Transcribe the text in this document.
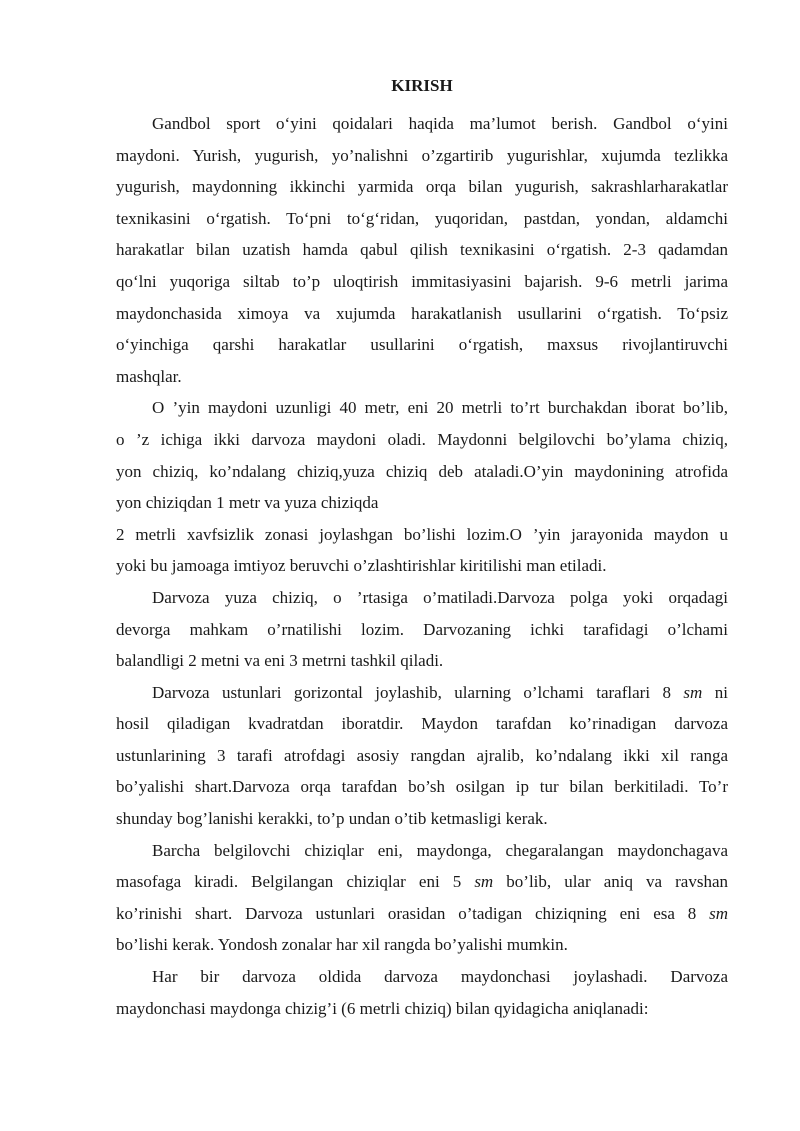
KIRISH
Gandbol sport o‘yini qoidalari haqida ma’lumot berish. Gandbol o‘yini
maydoni. Yurish, yugurish, yo’nalishni o’zgartirib yugurishlar, xujumda tezlikka
yugurish, maydonning ikkinchi yarmida orqa bilan yugurish, sakrashlarharakatlar
texnikasini o‘rgatish. To‘pni to‘g‘ridan, yuqoridan, pastdan, yondan, aldamchi
harakatlar bilan uzatish hamda qabul qilish texnikasini o‘rgatish. 2-3 qadamdan
qo‘lni yuqoriga siltab to’p uloqtirish immitasiyasini bajarish. 9-6 metrli jarima
maydonchasida ximoya va xujumda harakatlanish usullarini o‘rgatish. To‘psiz
o‘yinchiga qarshi harakatlar usullarini o‘rgatish, maxsus rivojlantiruvchi
mashqlar.
O ’yin maydoni uzunligi 40 metr, eni 20 metrli to’rt burchakdan iborat bo’lib,
o ’z ichiga ikki darvoza maydoni oladi. Maydonni belgilovchi bo’ylama chiziq,
yon chiziq, ko’ndalang chiziq,yuza chiziq deb ataladi.O’yin maydonining atrofida
yon chiziqdan 1 metr va yuza chiziqda
2 metrli xavfsizlik zonasi joylashgan bo’lishi lozim.O ’yin jarayonida maydon u
yoki bu jamoaga imtiyoz beruvchi o’zlashtirishlar kiritilishi man etiladi.
Darvoza yuza chiziq, o ’rtasiga o’matiladi.Darvoza polga yoki orqadagi
devorga mahkam o’rnatilishi lozim. Darvozaning ichki tarafidagi o’lchami
balandligi 2 metni va eni 3 metrni tashkil qiladi.
Darvoza ustunlari gorizontal joylashib, ularning o’lchami taraflari 8 sm ni
hosil qiladigan kvadratdan iboratdir. Maydon tarafdan ko’rinadigan darvoza
ustunlarining 3 tarafi atrofdagi asosiy rangdan ajralib, ko’ndalang ikki xil ranga
bo’yalishi shart.Darvoza orqa tarafdan bo’sh osilgan ip tur bilan berkitiladi. To’r
shunday bog’lanishi kerakki, to’p undan o’tib ketmasligi kerak.
Barcha belgilovchi chiziqlar eni, maydonga, chegaralangan maydonchagava
masofaga kiradi. Belgilangan chiziqlar eni 5 sm bo’lib, ular aniq va ravshan
ko’rinishi shart. Darvoza ustunlari orasidan o’tadigan chiziqning eni esa 8 sm
bo’lishi kerak. Yondosh zonalar har xil rangda bo’yalishi mumkin.
Har bir darvoza oldida darvoza maydonchasi joylashadi. Darvoza
maydonchasi maydonga chizig’i (6 metrli chiziq) bilan qyidagicha aniqlanadi:
